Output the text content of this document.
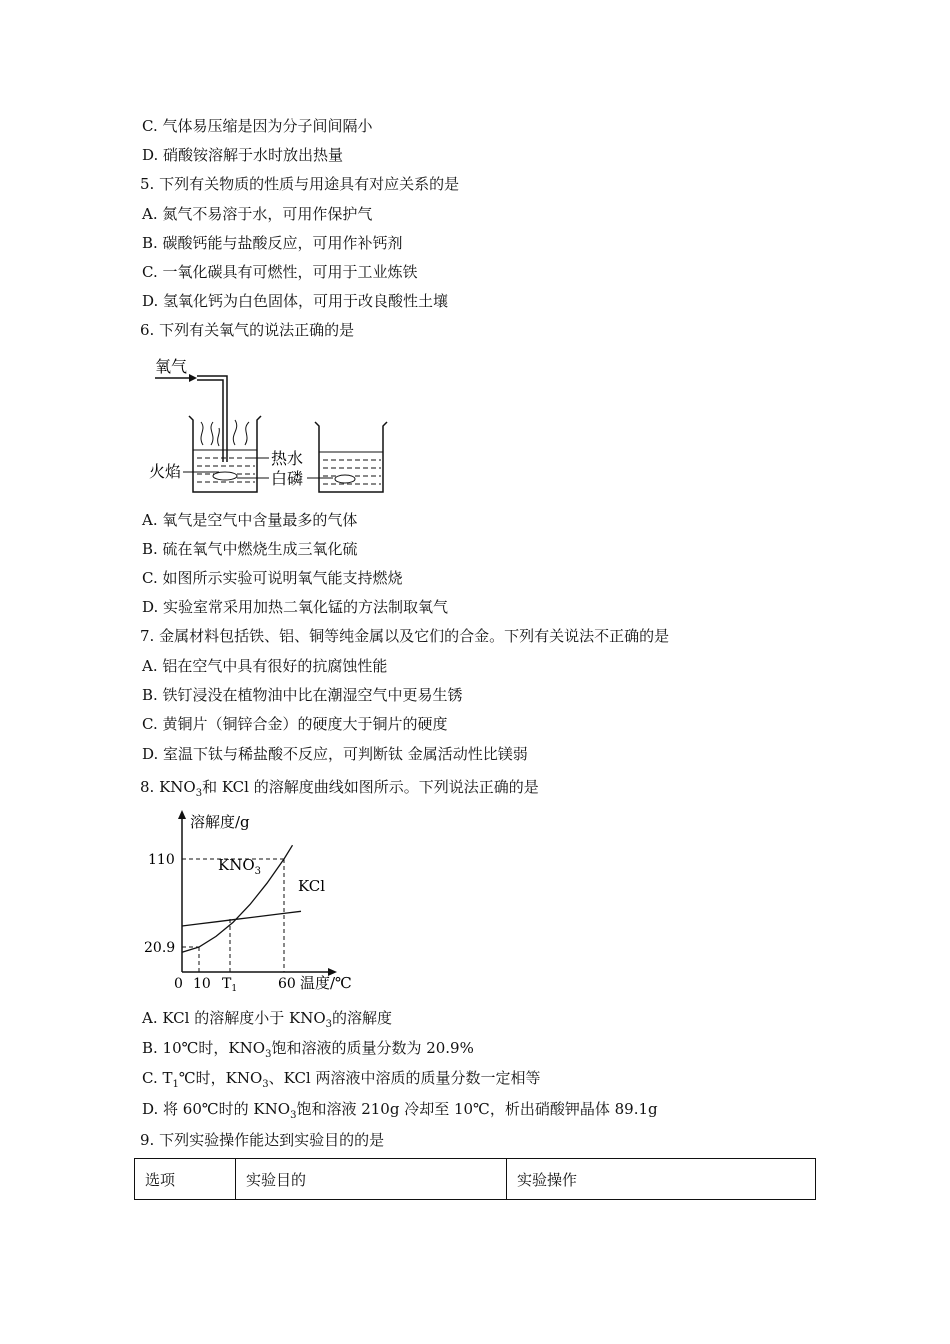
C. 气体易压缩是因为分子间间隔小
D. 硝酸铵溶解于水时放出热量
5. 下列有关物质的性质与用途具有对应关系的是
A. 氮气不易溶于水，可用作保护气
B. 碳酸钙能与盐酸反应，可用作补钙剂
C. 一氧化碳具有可燃性，可用于工业炼铁
D. 氢氧化钙为白色固体，可用于改良酸性土壤
6. 下列有关氧气的说法正确的是
氧气
火焰
热水
白磷
A. 氧气是空气中含量最多的气体
B. 硫在氧气中燃烧生成三氧化硫
C. 如图所示实验可说明氧气能支持燃烧
D. 实验室常采用加热二氧化锰的方法制取氧气
7. 金属材料包括铁、铝、铜等纯金属以及它们的合金。下列有关说法不正确的是
A. 铝在空气中具有很好的抗腐蚀性能
B. 铁钉浸没在植物油中比在潮湿空气中更易生锈
C. 黄铜片（铜锌合金）的硬度大于铜片的硬度
D. 室温下钛与稀盐酸不反应，可判断钛 金属活动性比镁弱
8. $KNO_3$和 KCl 的溶解度曲线如图所示。下列说法正确的是
溶解度/g
温度/℃
0 10 $T_1$	60
20.9
110	$KNO_3$
KCl
A. KCl 的溶解度小于 $KNO_3$的溶解度
B. 10℃时，$KNO_3$饱和溶液的质量分数为 20.9%
C. $T_1℃$时，$KNO_3$、KCl 两溶液中溶质的质量分数一定相等
D. 将 60℃时的 $KNO_3$饱和溶液 210g 冷却至 10℃，析出硝酸钾晶体 89.1g
9. 下列实验操作能达到实验目的的是
选项	实验目的	实验操作
